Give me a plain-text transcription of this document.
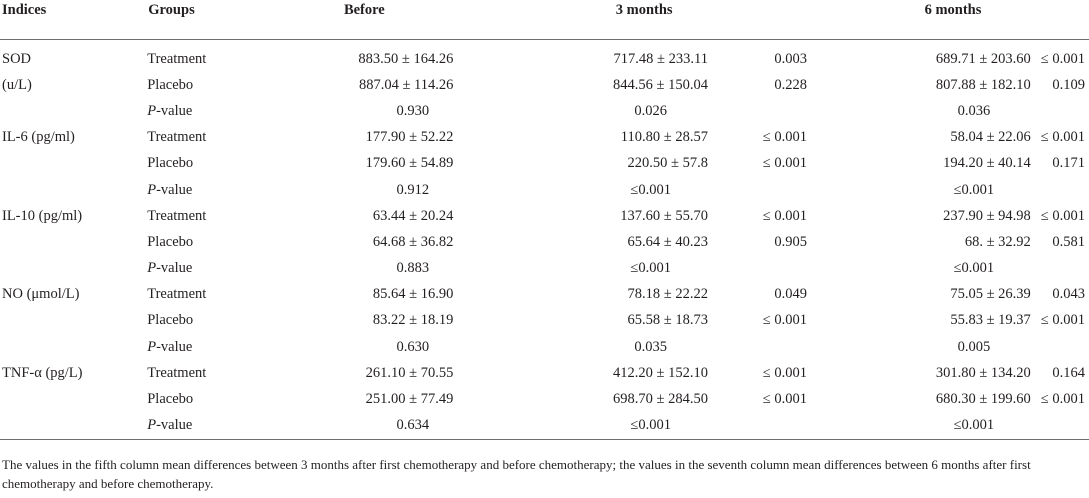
Indices	Groups	Before	3 months		6 months	
SOD	Treatment	883.50 ± 164.26	717.48 ± 233.11	0.003	689.71 ± 203.60	≤ 0.001
(u/L)	Placebo	887.04 ± 114.26	844.56 ± 150.04	0.228	807.88 ± 182.10	0.109
	P-value	0.930	0.026		0.036	
IL-6 (pg/ml)	Treatment	177.90 ± 52.22	110.80 ± 28.57	≤ 0.001	58.04 ± 22.06	≤ 0.001
	Placebo	179.60 ± 54.89	220.50 ± 57.8	≤ 0.001	194.20 ± 40.14	0.171
	P-value	0.912	≤0.001		≤0.001	
IL-10 (pg/ml)	Treatment	63.44 ± 20.24	137.60 ± 55.70	≤ 0.001	237.90 ± 94.98	≤ 0.001
	Placebo	64.68 ± 36.82	65.64 ± 40.23	0.905	68. ± 32.92	0.581
	P-value	0.883	≤0.001		≤0.001	
NO (μmol/L)	Treatment	85.64 ± 16.90	78.18 ± 22.22	0.049	75.05 ± 26.39	0.043
	Placebo	83.22 ± 18.19	65.58 ± 18.73	≤ 0.001	55.83 ± 19.37	≤ 0.001
	P-value	0.630	0.035		0.005	
TNF-α (pg/L)	Treatment	261.10 ± 70.55	412.20 ± 152.10	≤ 0.001	301.80 ± 134.20	0.164
	Placebo	251.00 ± 77.49	698.70 ± 284.50	≤ 0.001	680.30 ± 199.60	≤ 0.001
	P-value	0.634	≤0.001		≤0.001	
The values in the fifth column mean differences between 3 months after first chemotherapy and before chemotherapy; the values in the seventh column mean differences between 6 months after first chemotherapy and before chemotherapy.
